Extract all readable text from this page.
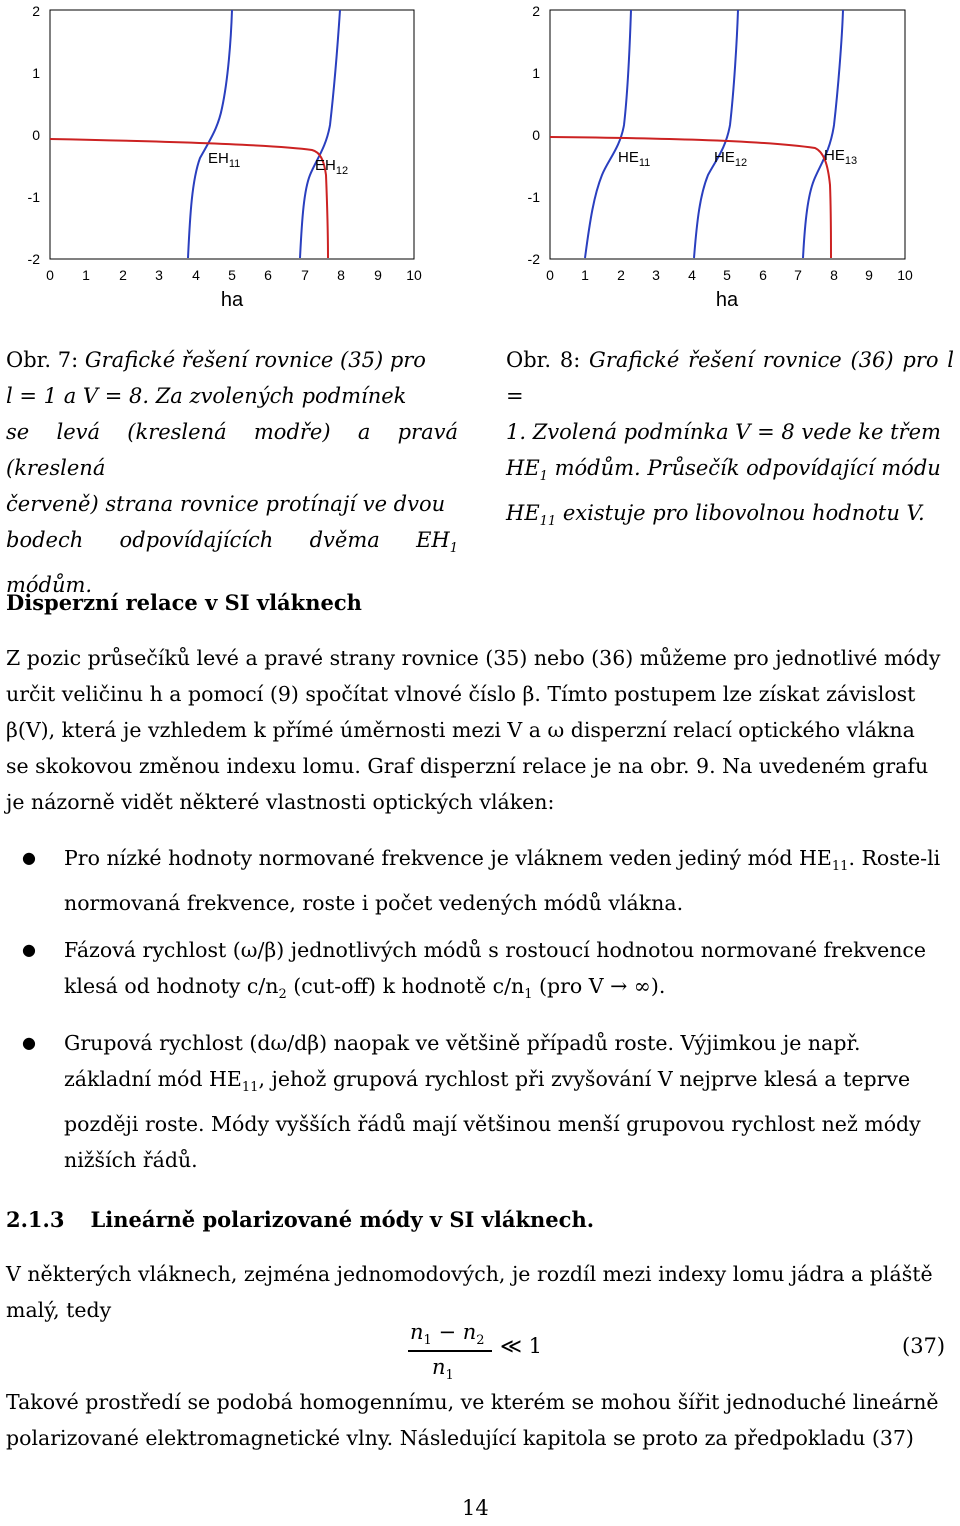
2
1
0
-1
-2
0 1 2 3 4 5 6 7 8 9 10
ha
$EH_{11}$	$EH_{12}$
2
1
0
-1
-2
0 1 2 3 4 5 6 7 8 9 10
ha
$HE_{11}$	$HE_{12}$	$HE_{13}$
Obr. 7: Grafické řešení rovnice (35) pro
l = 1 a V = 8. Za zvolených podmínek
se levá (kreslená modře) a pravá (kreslená
červeně) strana rovnice protínají ve dvou
bodech odpovídajících dvěma $EH_1$ módům.
Obr. 8: Grafické řešení rovnice (36) pro l =
1. Zvolená podmínka V = 8 vede ke třem
$HE_1$ módům. Průsečík odpovídající módu
$HE_{11}$ existuje pro libovolnou hodnotu V.
Disperzní relace v SI vláknech
Z pozic průsečíků levé a pravé strany rovnice (35) nebo (36) můžeme pro jednotlivé módy
určit veličinu h a pomocí (9) spočítat vlnové číslo β. Tímto postupem lze získat závislost
β(V), která je vzhledem k přímé úměrnosti mezi V a ω disperzní relací optického vlákna
se skokovou změnou indexu lomu. Graf disperzní relace je na obr. 9. Na uvedeném grafu
je názorně vidět některé vlastnosti optických vláken:
● Pro nízké hodnoty normované frekvence je vláknem veden jediný mód $HE_{11}$. Roste-li
normovaná frekvence, roste i počet vedených módů vlákna.
● Fázová rychlost (ω/β) jednotlivých módů s rostoucí hodnotou normované frekvence
klesá od hodnoty $c/n_2$ (cut-off) k hodnotě $c/n_1$ (pro V → ∞).
● Grupová rychlost (dω/dβ) naopak ve většině případů roste. Výjimkou je např.
základní mód $HE_{11}$, jehož grupová rychlost při zvyšování V nejprve klesá a teprve
později roste. Módy vyšších řádů mají většinou menší grupovou rychlost než módy
nižších řádů.
2.1.3 Lineárně polarizované módy v SI vláknech.
V některých vláknech, zejména jednomodových, je rozdíl mezi indexy lomu jádra a pláště
malý, tedy
$n_1 - n_2$
$n_1$
≪ 1	(37)
Takové prostředí se podobá homogennímu, ve kterém se mohou šířit jednoduché lineárně
polarizované elektromagnetické vlny. Následující kapitola se proto za předpokladu (37)
14
